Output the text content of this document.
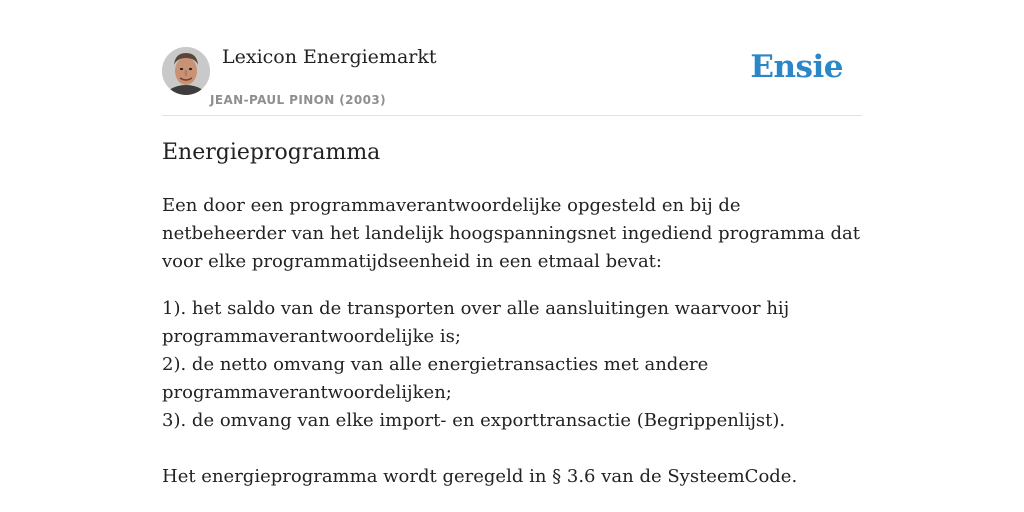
Lexicon Energiemarkt
JEAN-PAUL PINON (2003)
Ensie
Energieprogramma

Een door een programmaverantwoordelijke opgesteld en bij de netbeheerder van het landelijk hoogspanningsnet ingediend programma dat voor elke programmatijdseenheid in een etmaal bevat:

1). het saldo van de transporten over alle aansluitingen waarvoor hij programmaverantwoordelijke is;
2). de netto omvang van alle energietransacties met andere programmaverantwoordelijken;
3). de omvang van elke import- en exporttransactie (Begrippenlijst).
Het energieprogramma wordt geregeld in § 3.6 van de SysteemCode.
